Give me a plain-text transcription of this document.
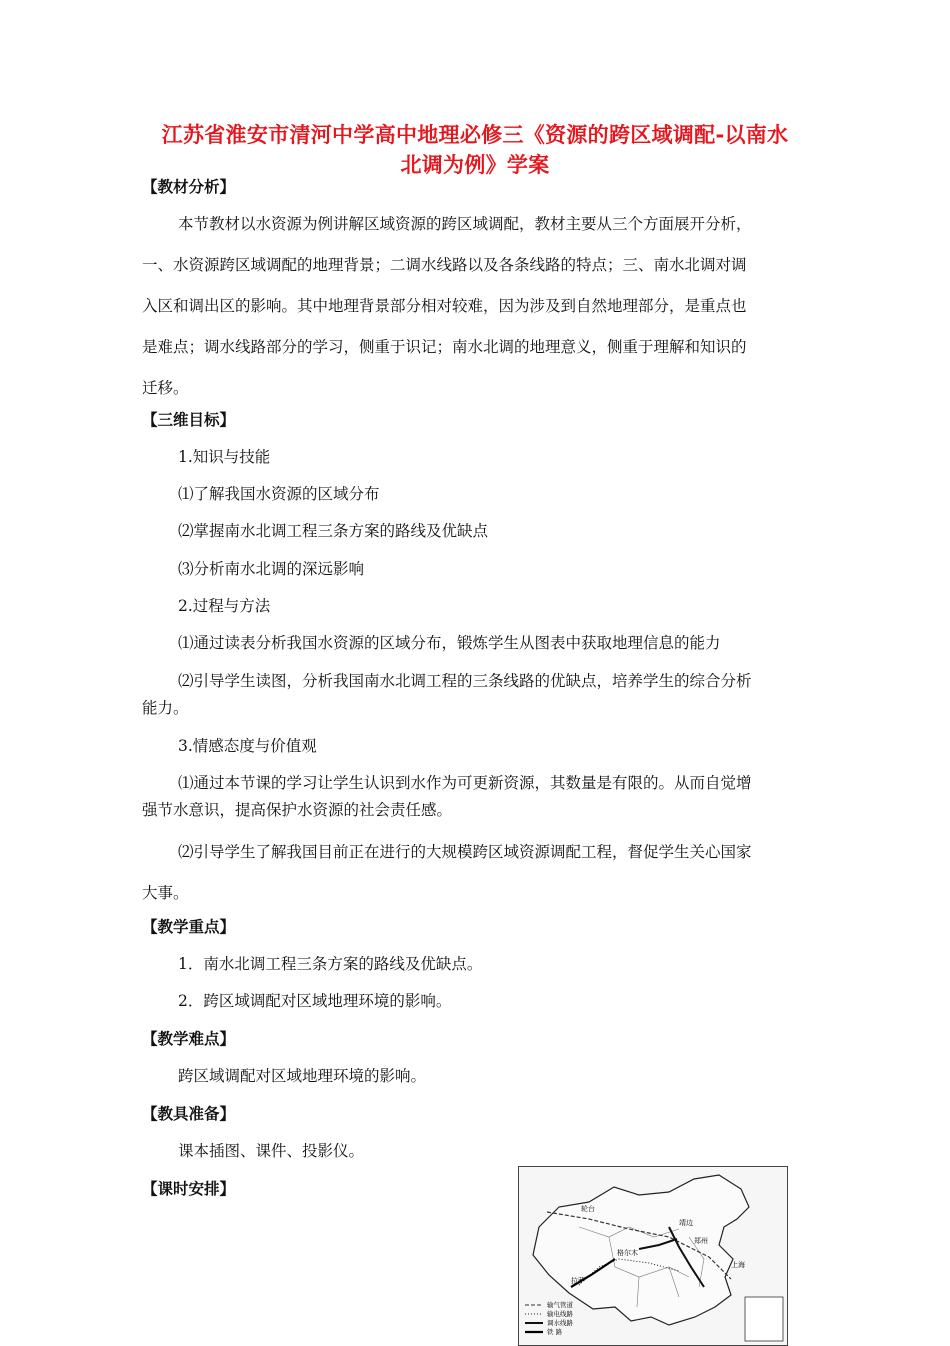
江苏省淮安市清河中学高中地理必修三《资源的跨区域调配-以南水
北调为例》学案
【教材分析】
本节教材以水资源为例讲解区域资源的跨区域调配，教材主要从三个方面展开分析，
一、水资源跨区域调配的地理背景；二调水线路以及各条线路的特点；三、南水北调对调
入区和调出区的影响。其中地理背景部分相对较难，因为涉及到自然地理部分，是重点也
是难点；调水线路部分的学习，侧重于识记；南水北调的地理意义，侧重于理解和知识的
迁移。
【三维目标】
1.知识与技能
⑴了解我国水资源的区域分布
⑵掌握南水北调工程三条方案的路线及优缺点
⑶分析南水北调的深远影响
2.过程与方法
⑴通过读表分析我国水资源的区域分布，锻炼学生从图表中获取地理信息的能力
⑵引导学生读图，分析我国南水北调工程的三条线路的优缺点，培养学生的综合分析
能力。
3.情感态度与价值观
⑴通过本节课的学习让学生认识到水作为可更新资源，其数量是有限的。从而自觉增
强节水意识，提高保护水资源的社会责任感。
⑵引导学生了解我国目前正在进行的大规模跨区域资源调配工程，督促学生关心国家
大事。
【教学重点】
1．南水北调工程三条方案的路线及优缺点。
2．跨区域调配对区域地理环境的影响。
【教学难点】
跨区域调配对区域地理环境的影响。
【教具准备】
课本插图、课件、投影仪。
【课时安排】
轮台
靖边
郑州
上海
拉萨
格尔木
输气管道
输电线路
调水线路
铁 路
